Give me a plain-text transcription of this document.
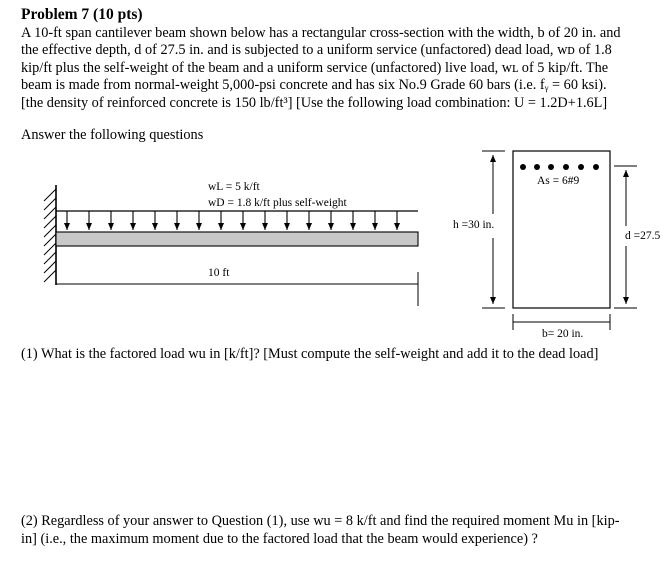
Problem 7 (10 pts)
A 10-ft span cantilever beam shown below has a rectangular cross-section with the width, b of 20 in. and
the effective depth, d of 27.5 in. and is subjected to a uniform service (unfactored) dead load, wᴅ of 1.8
kip/ft plus the self-weight of the beam and a uniform service (unfactored) live load, wʟ of 5 kip/ft. The
beam is made from normal-weight 5,000-psi concrete and has six No.9 Grade 60 bars (i.e. fᵧ = 60 ksi).
[the density of reinforced concrete is 150 lb/ft³] [Use the following load combination: U = 1.2D+1.6L]
Answer the following questions
wL = 5 k/ft
wD = 1.8 k/ft plus self-weight
10 ft
h =30 in.
As = 6#9
d =27.5
b= 20 in.
(1) What is the factored load wu in [k/ft]? [Must compute the self-weight and add it to the dead load]
(2) Regardless of your answer to Question (1), use wu = 8 k/ft and find the required moment Mu in [kip-
in] (i.e., the maximum moment due to the factored load that the beam would experience) ?
